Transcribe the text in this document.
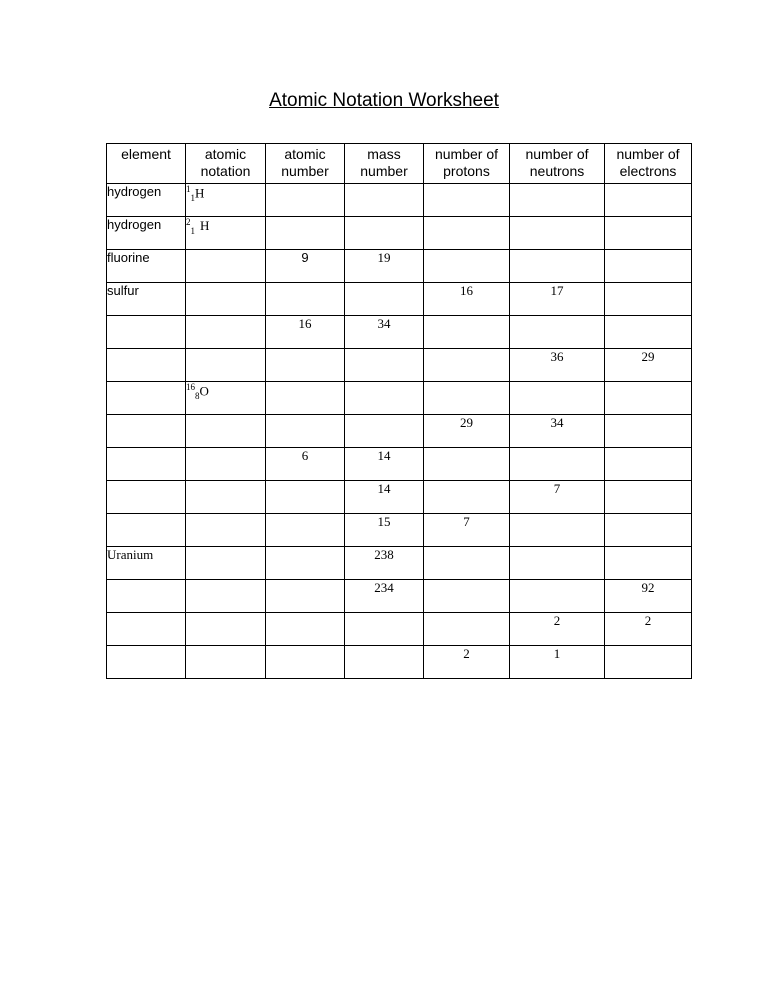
Atomic Notation Worksheet
element	atomic notation	atomic number	mass number	number of protons	number of neutrons	number of electrons
hydrogen	$^1_1$H					
hydrogen	$^2_1$ H					
fluorine		9	19			
sulfur				16	17	
		16	34			
					36	29
	$^{16}_8$O					
				29	34	
		6	14			
			14		7	
			15	7		
Uranium			238			
			234			92
					2	2
				2	1	
